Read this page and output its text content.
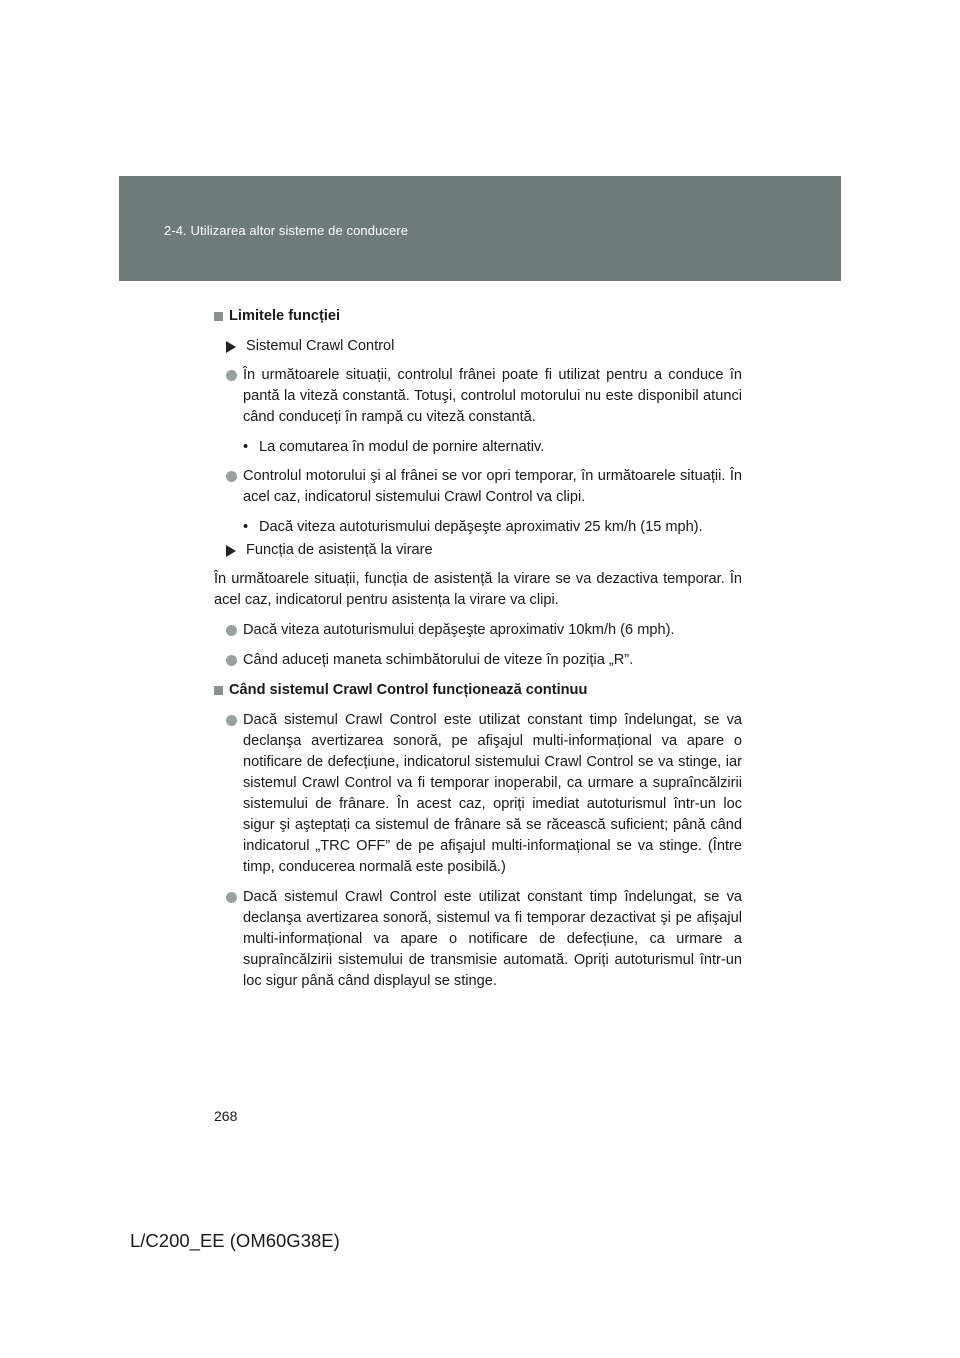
2-4. Utilizarea altor sisteme de conducere
Limitele funcției
Sistemul Crawl Control
În următoarele situații, controlul frânei poate fi utilizat pentru a conduce în pantă la viteză constantă. Totuşi, controlul motorului nu este disponibil atunci când conduceți în rampă cu viteză constantă.
• La comutarea în modul de pornire alternativ.
Controlul motorului şi al frânei se vor opri temporar, în următoarele situații. În acel caz, indicatorul sistemului Crawl Control va clipi.
• Dacă viteza autoturismului depăşeşte aproximativ 25 km/h (15 mph).
Funcția de asistență la virare
În următoarele situații, funcția de asistență la virare se va dezactiva temporar. În acel caz, indicatorul pentru asistența la virare va clipi.
Dacă viteza autoturismului depăşeşte aproximativ 10km/h (6 mph).
Când aduceți maneta schimbătorului de viteze în poziția „R”.
Când sistemul Crawl Control funcționează continuu
Dacă sistemul Crawl Control este utilizat constant timp îndelungat, se va declanşa avertizarea sonoră, pe afişajul multi-informațional va apare o notificare de defecțiune, indicatorul sistemului Crawl Control se va stinge, iar sistemul Crawl Control va fi temporar inoperabil, ca urmare a supraîncălzirii sistemului de frânare. În acest caz, opriți imediat autoturismul într-un loc sigur şi aşteptați ca sistemul de frânare să se răcească suficient; până când indicatorul „TRC OFF” de pe afişajul multi-informațional se va stinge. (Între timp, conducerea normală este posibilă.)
Dacă sistemul Crawl Control este utilizat constant timp îndelungat, se va declanşa avertizarea sonoră, sistemul va fi temporar dezactivat şi pe afişajul multi-informațional va apare o notificare de defecțiune, ca urmare a supraîncălzirii sistemului de transmisie automată. Opriți autoturismul într-un loc sigur până când displayul se stinge.
268
L/C200_EE (OM60G38E)
